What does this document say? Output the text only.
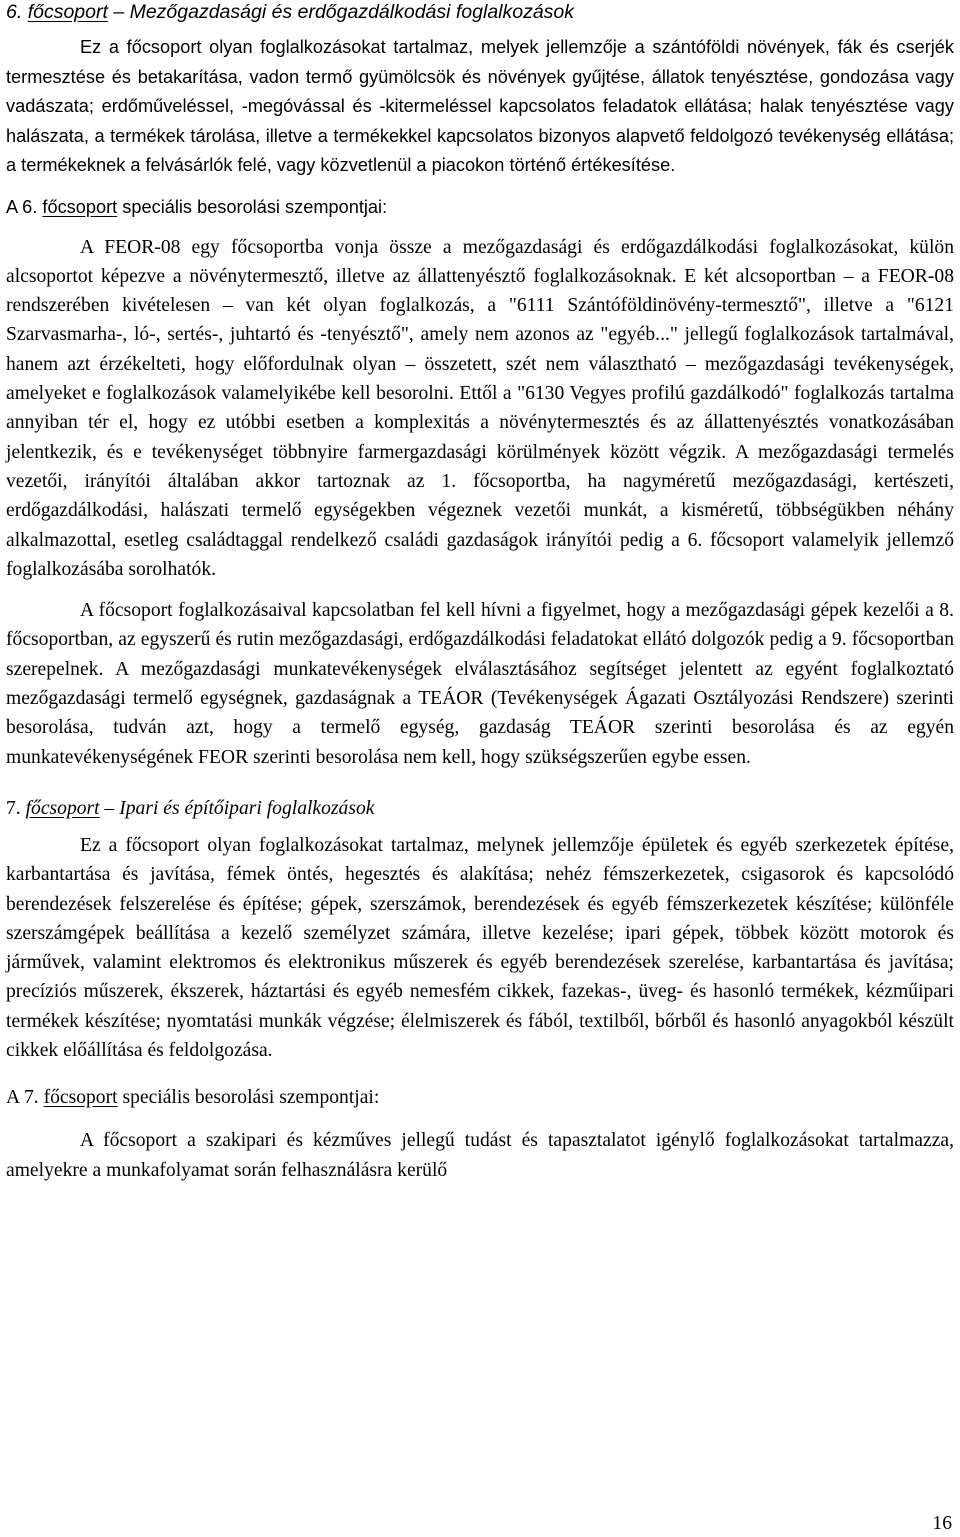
6. főcsoport – Mezőgazdasági és erdőgazdálkodási foglalkozások

Ez a főcsoport olyan foglalkozásokat tartalmaz, melyek jellemzője a szántóföldi növények, fák és cserjék termesztése és betakarítása, vadon termő gyümölcsök és növények gyűjtése, állatok tenyésztése, gondozása vagy vadászata; erdőműveléssel, -megóvással és -kitermeléssel kapcsolatos feladatok ellátása; halak tenyésztése vagy halászata, a termékek tárolása, illetve a termékekkel kapcsolatos bizonyos alapvető feldolgozó tevékenység ellátása; a termékeknek a felvásárlók felé, vagy közvetlenül a piacokon történő értékesítése.

A 6. főcsoport speciális besorolási szempontjai:

A FEOR-08 egy főcsoportba vonja össze a mezőgazdasági és erdőgazdálkodási foglalkozásokat, külön alcsoportot képezve a növénytermesztő, illetve az állattenyésztő foglalkozásoknak. E két alcsoportban – a FEOR-08 rendszerében kivételesen – van két olyan foglalkozás, a "6111 Szántóföldinövény-termesztő", illetve a "6121 Szarvasmarha-, ló-, sertés-, juhtartó és -tenyésztő", amely nem azonos az "egyéb..." jellegű foglalkozások tartalmával, hanem azt érzékelteti, hogy előfordulnak olyan – összetett, szét nem választható – mezőgazdasági tevékenységek, amelyeket e foglalkozások valamelyikébe kell besorolni. Ettől a "6130 Vegyes profilú gazdálkodó" foglalkozás tartalma annyiban tér el, hogy ez utóbbi esetben a komplexitás a növénytermesztés és az állattenyésztés vonatkozásában jelentkezik, és e tevékenységet többnyire farmergazdasági körülmények között végzik. A mezőgazdasági termelés vezetői, irányítói általában akkor tartoznak az 1. főcsoportba, ha nagyméretű mezőgazdasági, kertészeti, erdőgazdálkodási, halászati termelő egységekben végeznek vezetői munkát, a kisméretű, többségükben néhány alkalmazottal, esetleg családtaggal rendelkező családi gazdaságok irányítói pedig a 6. főcsoport valamelyik jellemző foglalkozásába sorolhatók.

A főcsoport foglalkozásaival kapcsolatban fel kell hívni a figyelmet, hogy a mezőgazdasági gépek kezelői a 8. főcsoportban, az egyszerű és rutin mezőgazdasági, erdőgazdálkodási feladatokat ellátó dolgozók pedig a 9. főcsoportban szerepelnek. A mezőgazdasági munkatevékenységek elválasztásához segítséget jelentett az egyént foglalkoztató mezőgazdasági termelő egységnek, gazdaságnak a TEÁOR (Tevékenységek Ágazati Osztályozási Rendszere) szerinti besorolása, tudván azt, hogy a termelő egység, gazdaság TEÁOR szerinti besorolása és az egyén munkatevékenységének FEOR szerinti besorolása nem kell, hogy szükségszerűen egybe essen.

7. főcsoport – Ipari és építőipari foglalkozások

Ez a főcsoport olyan foglalkozásokat tartalmaz, melynek jellemzője épületek és egyéb szerkezetek építése, karbantartása és javítása, fémek öntés, hegesztés és alakítása; nehéz fémszerkezetek, csigasorok és kapcsolódó berendezések felszerelése és építése; gépek, szerszámok, berendezések és egyéb fémszerkezetek készítése; különféle szerszámgépek beállítása a kezelő személyzet számára, illetve kezelése; ipari gépek, többek között motorok és járművek, valamint elektromos és elektronikus műszerek és egyéb berendezések szerelése, karbantartása és javítása; precíziós műszerek, ékszerek, háztartási és egyéb nemesfém cikkek, fazekas-, üveg- és hasonló termékek, kézműipari termékek készítése; nyomtatási munkák végzése; élelmiszerek és fából, textilből, bőrből és hasonló anyagokból készült cikkek előállítása és feldolgozása.

A 7. főcsoport speciális besorolási szempontjai:

A főcsoport a szakipari és kézműves jellegű tudást és tapasztalatot igénylő foglalkozásokat tartalmazza, amelyekre a munkafolyamat során felhasználásra kerülő

16
